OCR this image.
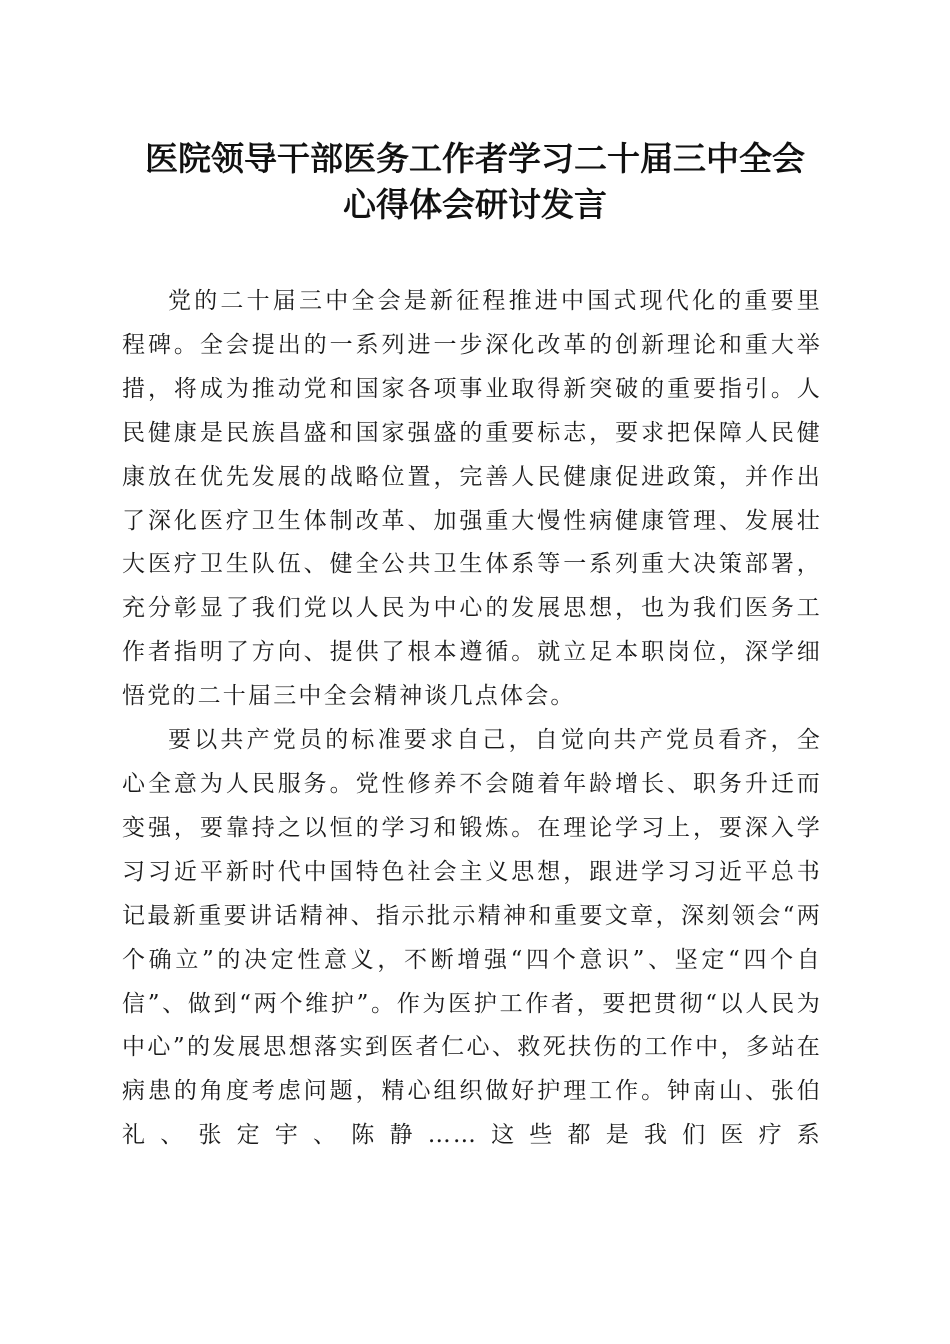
医院领导干部医务工作者学习二十届三中全会
心得体会研讨发言

党的二十届三中全会是新征程推进中国式现代化的重要里程碑。全会提出的一系列进一步深化改革的创新理论和重大举措，将成为推动党和国家各项事业取得新突破的重要指引。人民健康是民族昌盛和国家强盛的重要标志，要求把保障人民健康放在优先发展的战略位置，完善人民健康促进政策，并作出了深化医疗卫生体制改革、加强重大慢性病健康管理、发展壮大医疗卫生队伍、健全公共卫生体系等一系列重大决策部署，充分彰显了我们党以人民为中心的发展思想，也为我们医务工作者指明了方向、提供了根本遵循。就立足本职岗位，深学细悟党的二十届三中全会精神谈几点体会。

要以共产党员的标准要求自己，自觉向共产党员看齐，全心全意为人民服务。党性修养不会随着年龄增长、职务升迁而变强，要靠持之以恒的学习和锻炼。在理论学习上，要深入学习习近平新时代中国特色社会主义思想，跟进学习习近平总书记最新重要讲话精神、指示批示精神和重要文章，深刻领会“两个确立”的决定性意义，不断增强“四个意识”、坚定“四个自信”、做到“两个维护”。作为医护工作者，要把贯彻“以人民为中心”的发展思想落实到医者仁心、救死扶伤的工作中，多站在病患的角度考虑问题，精心组织做好护理工作。钟南山、张伯礼、张定宇、陈静……这些都是我们医疗系
